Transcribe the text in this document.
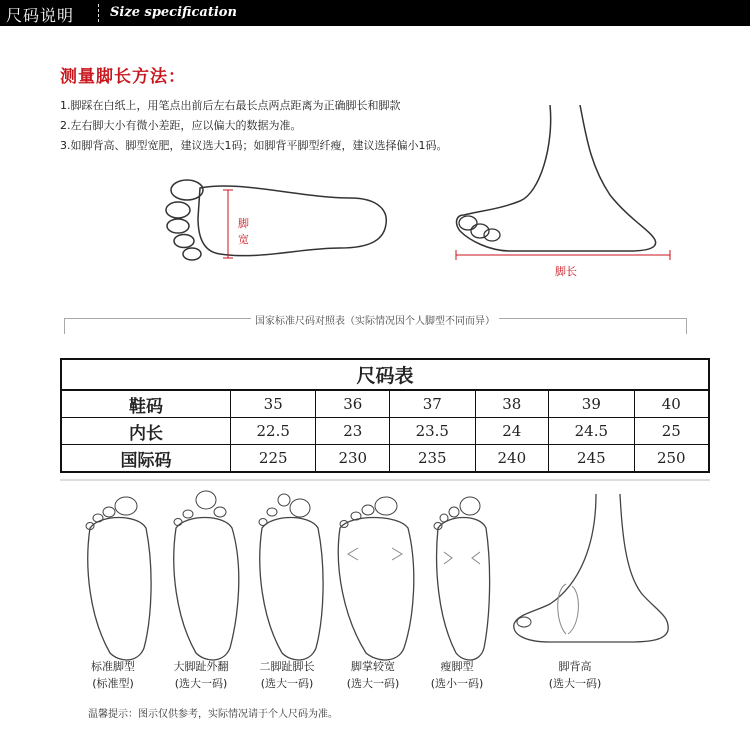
尺码说明	Size specification
测量脚长方法：
1.脚踩在白纸上，用笔点出前后左右最长点两点距离为正确脚长和脚款
2.左右脚大小有微小差距，应以偏大的数据为准。
3.如脚背高、脚型宽肥，建议选大1码；如脚背平脚型纤瘦，建议选择偏小1码。
脚
宽
脚长
国家标准尺码对照表（实际情况因个人脚型不同而异）
尺码表						
鞋码	35	36	37	38	39	40
内长	22.5	23	23.5	24	24.5	25
国际码	225	230	235	240	245	250
标准脚型
(标准型)
大脚趾外翻
(选大一码)
二脚趾脚长
(选大一码)
脚掌较宽
(选大一码)
瘦脚型
(选小一码)
脚背高
(选大一码)
温馨提示：图示仅供参考，实际情况请于个人尺码为准。
